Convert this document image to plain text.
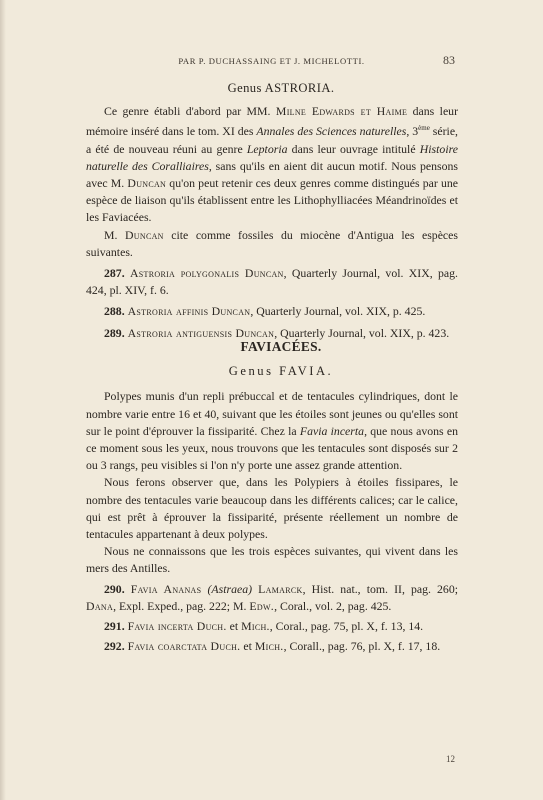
PAR P. DUCHASSAING ET J. MICHELOTTI.	83

Genus ASTRORIA.

Ce genre établi d'abord par MM. Milne Edwards et Haime dans leur mémoire inséré dans le tom. XI des Annales des Sciences naturelles, 3ème série, a été de nouveau réuni au genre Leptoria dans leur ouvrage intitulé Histoire naturelle des Coralliaires, sans qu'ils en aient dit aucun motif. Nous pensons avec M. Duncan qu'on peut retenir ces deux genres comme distingués par une espèce de liaison qu'ils établissent entre les Lithophylliacées Méandrinoïdes et les Faviacées.

M. Duncan cite comme fossiles du miocène d'Antigua les espèces suivantes.

287. Astroria polygonalis Duncan, Quarterly Journal, vol. XIX, pag. 424, pl. XIV, f. 6.

288. Astroria affinis Duncan, Quarterly Journal, vol. XIX, p. 425.

289. Astroria antiguensis Duncan, Quarterly Journal, vol. XIX, p. 423.

FAVIACÉES.

Genus FAVIA.

Polypes munis d'un repli prébuccal et de tentacules cylindriques, dont le nombre varie entre 16 et 40, suivant que les étoiles sont jeunes ou qu'elles sont sur le point d'éprouver la fissiparité. Chez la Favia incerta, que nous avons en ce moment sous les yeux, nous trouvons que les tentacules sont disposés sur 2 ou 3 rangs, peu visibles si l'on n'y porte une assez grande attention.

Nous ferons observer que, dans les Polypiers à étoiles fissipares, le nombre des tentacules varie beaucoup dans les différents calices; car le calice, qui est prêt à éprouver la fissiparité, présente réellement un nombre de tentacules appartenant à deux polypes.

Nous ne connaissons que les trois espèces suivantes, qui vivent dans les mers des Antilles.

290. Favia Ananas (Astraea) Lamarck, Hist. nat., tom. II, pag. 260; Dana, Expl. Exped., pag. 222; M. Edw., Coral., vol. 2, pag. 425.

291. Favia incerta Duch. et Mich., Coral., pag. 75, pl. X, f. 13, 14.

292. Favia coarctata Duch. et Mich., Corall., pag. 76, pl. X, f. 17, 18.

12
